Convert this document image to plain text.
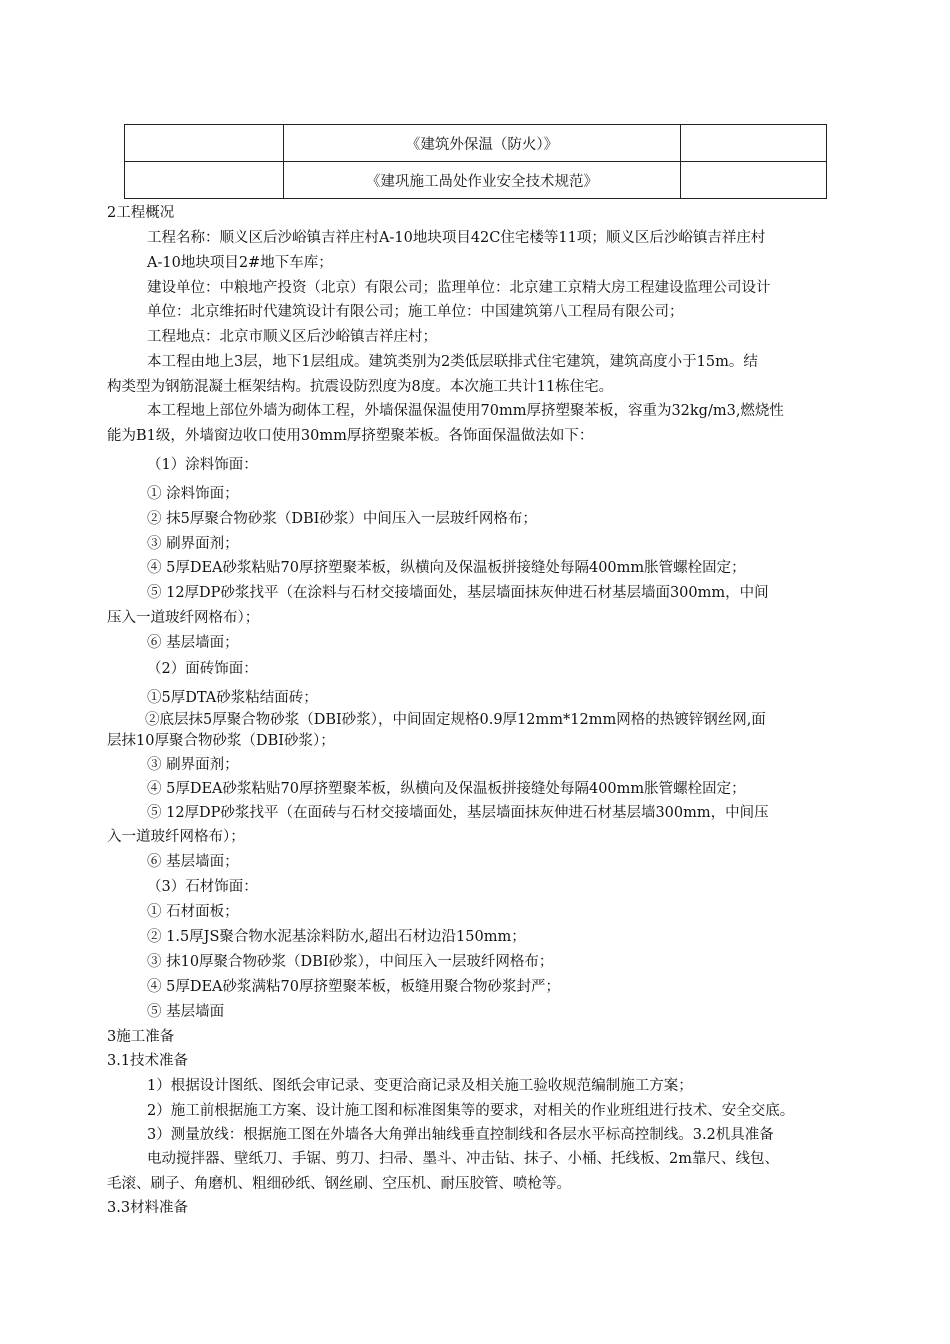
	《建筑外保温（防火）》	
	《建巩施工咼处作业安全技术规范》	
2工程概况
工程名称：顺义区后沙峪镇吉祥庄村A-10地块项目42C住宅楼等11项；顺义区后沙峪镇吉祥庄村
A-10地块项目2#地下车库；
建设单位：中粮地产投资（北京）有限公司；监理单位：北京建工京精大房工程建设监理公司设计
单位：北京维拓时代建筑设计有限公司；施工单位：中国建筑第八工程局有限公司；
工程地点：北京市顺义区后沙峪镇吉祥庄村；
本工程由地上3层，地下1层组成。建筑类别为2类低层联排式住宅建筑，建筑高度小于15m。结
构类型为钢筋混凝土框架结构。抗震设防烈度为8度。本次施工共计11栋住宅。
本工程地上部位外墙为砌体工程，外墙保温保温使用70mm厚挤塑聚苯板，容重为32kg/m3,燃烧性
能为B1级，外墙窗边收口使用30mm厚挤塑聚苯板。各饰面保温做法如下：
（1）涂料饰面：
① 涂料饰面；
② 抹5厚聚合物砂浆（DBI砂浆）中间压入一层玻纤网格布；
③ 刷界面剂；
④ 5厚DEA砂浆粘贴70厚挤塑聚苯板，纵横向及保温板拼接缝处每隔400mm胀管螺栓固定；
⑤ 12厚DP砂浆找平（在涂料与石材交接墙面处，基层墙面抹灰伸进石材基层墙面300mm，中间
压入一道玻纤网格布）；
⑥ 基层墙面；
（2）面砖饰面：
①5厚DTA砂浆粘结面砖；
②底层抹5厚聚合物砂浆（DBI砂浆），中间固定规格0.9厚12mm*12mm网格的热镀锌钢丝网,面
层抹10厚聚合物砂浆（DBI砂浆）；
③ 刷界面剂；
④ 5厚DEA砂浆粘贴70厚挤塑聚苯板，纵横向及保温板拼接缝处每隔400mm胀管螺栓固定；
⑤ 12厚DP砂浆找平（在面砖与石材交接墙面处，基层墙面抹灰伸进石材基层墙300mm，中间压
入一道玻纤网格布）；
⑥ 基层墙面；
（3）石材饰面：
① 石材面板；
② 1.5厚JS聚合物水泥基涂料防水,超出石材边沿150mm；
③ 抹10厚聚合物砂浆（DBI砂浆），中间压入一层玻纤网格布；
④ 5厚DEA砂浆满粘70厚挤塑聚苯板，板缝用聚合物砂浆封严；
⑤ 基层墙面
3施工准备
3.1技术准备
1）根据设计图纸、图纸会审记录、变更洽商记录及相关施工验收规范编制施工方案；
2）施工前根据施工方案、设计施工图和标准图集等的要求，对相关的作业班组进行技术、安全交底。
3）测量放线：根据施工图在外墙各大角弹出轴线垂直控制线和各层水平标高控制线。3.2机具准备
电动搅拌器、壁纸刀、手锯、剪刀、扫帚、墨斗、冲击钻、抹子、小桶、托线板、2m靠尺、线包、
毛滚、刷子、角磨机、粗细砂纸、钢丝刷、空压机、耐压胶管、喷枪等。
3.3材料准备
